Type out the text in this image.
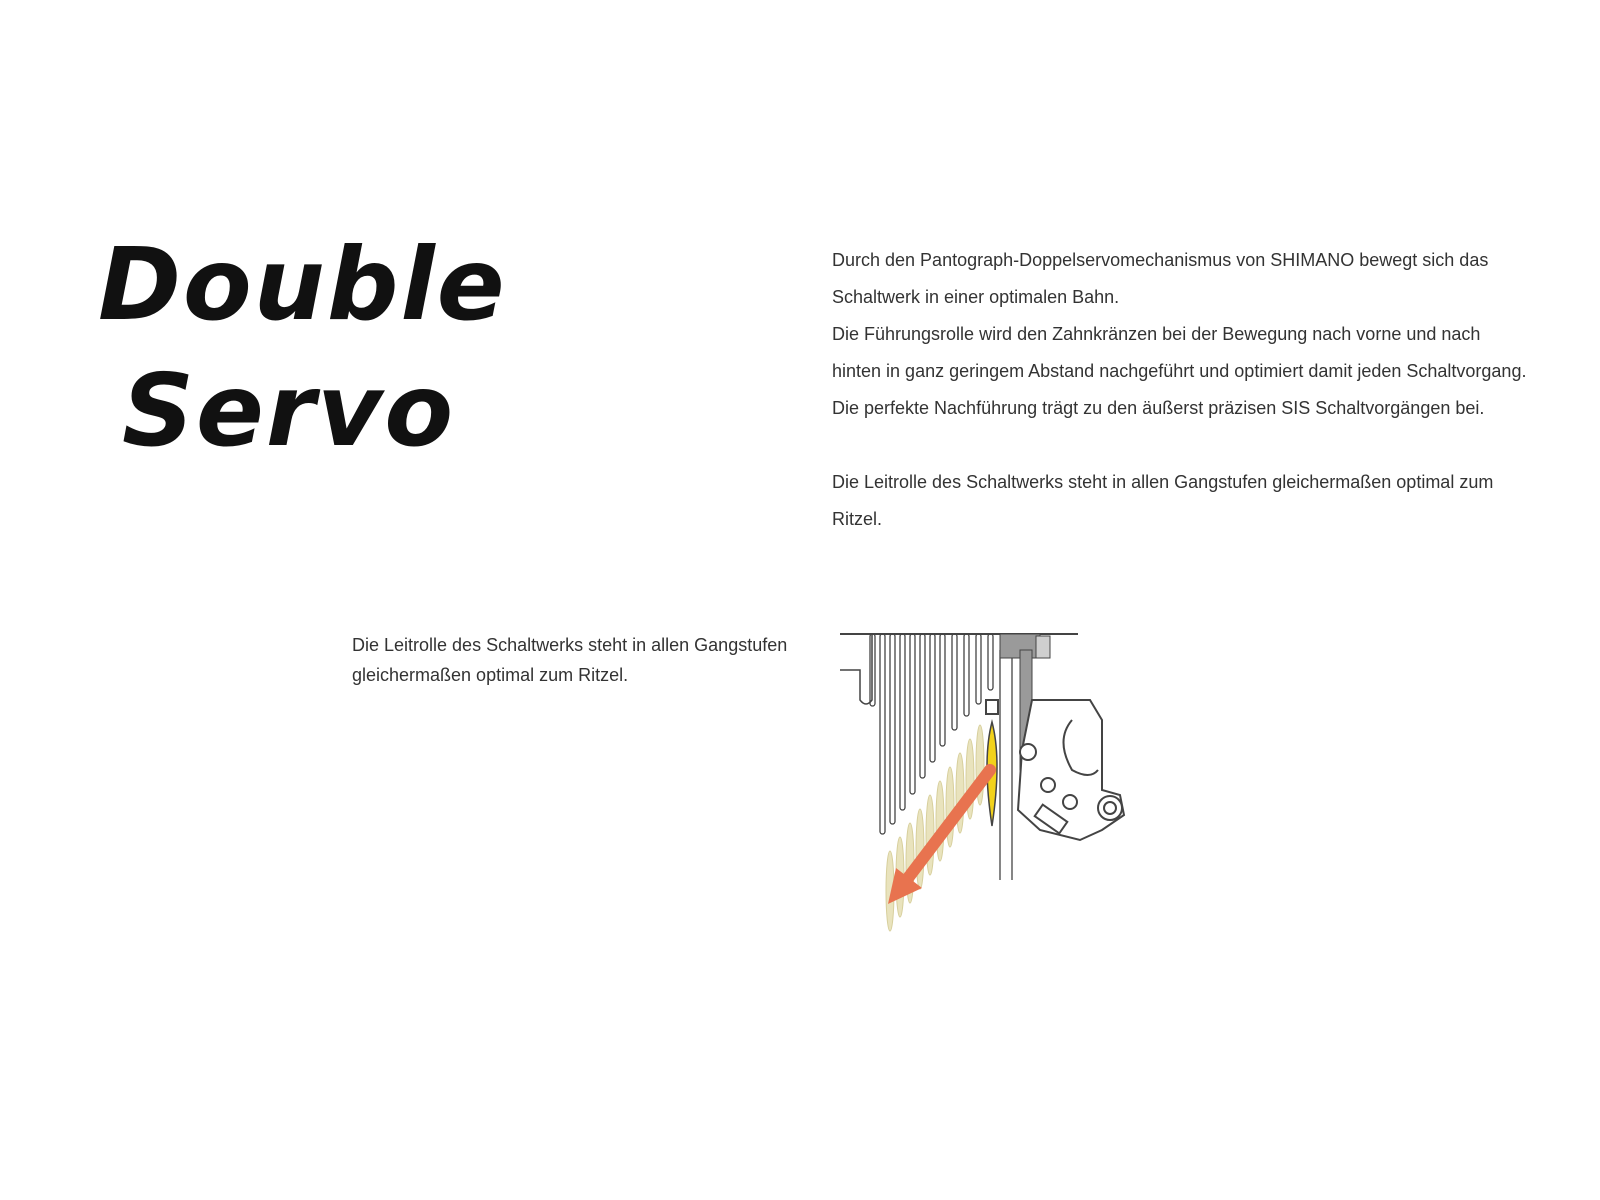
Double
Servo

Durch den Pantograph-Doppelservomechanismus von SHIMANO bewegt sich das Schaltwerk in einer optimalen Bahn.

Die Führungsrolle wird den Zahnkränzen bei der Bewegung nach vorne und nach hinten in ganz geringem Abstand nachgeführt und optimiert damit jeden Schaltvorgang. Die perfekte Nachführung trägt zu den äußerst präzisen SIS Schaltvorgängen bei.

Die Leitrolle des Schaltwerks steht in allen Gangstufen gleichermaßen optimal zum Ritzel.

Die Leitrolle des Schaltwerks steht in allen Gangstufen gleichermaßen optimal zum Ritzel.
